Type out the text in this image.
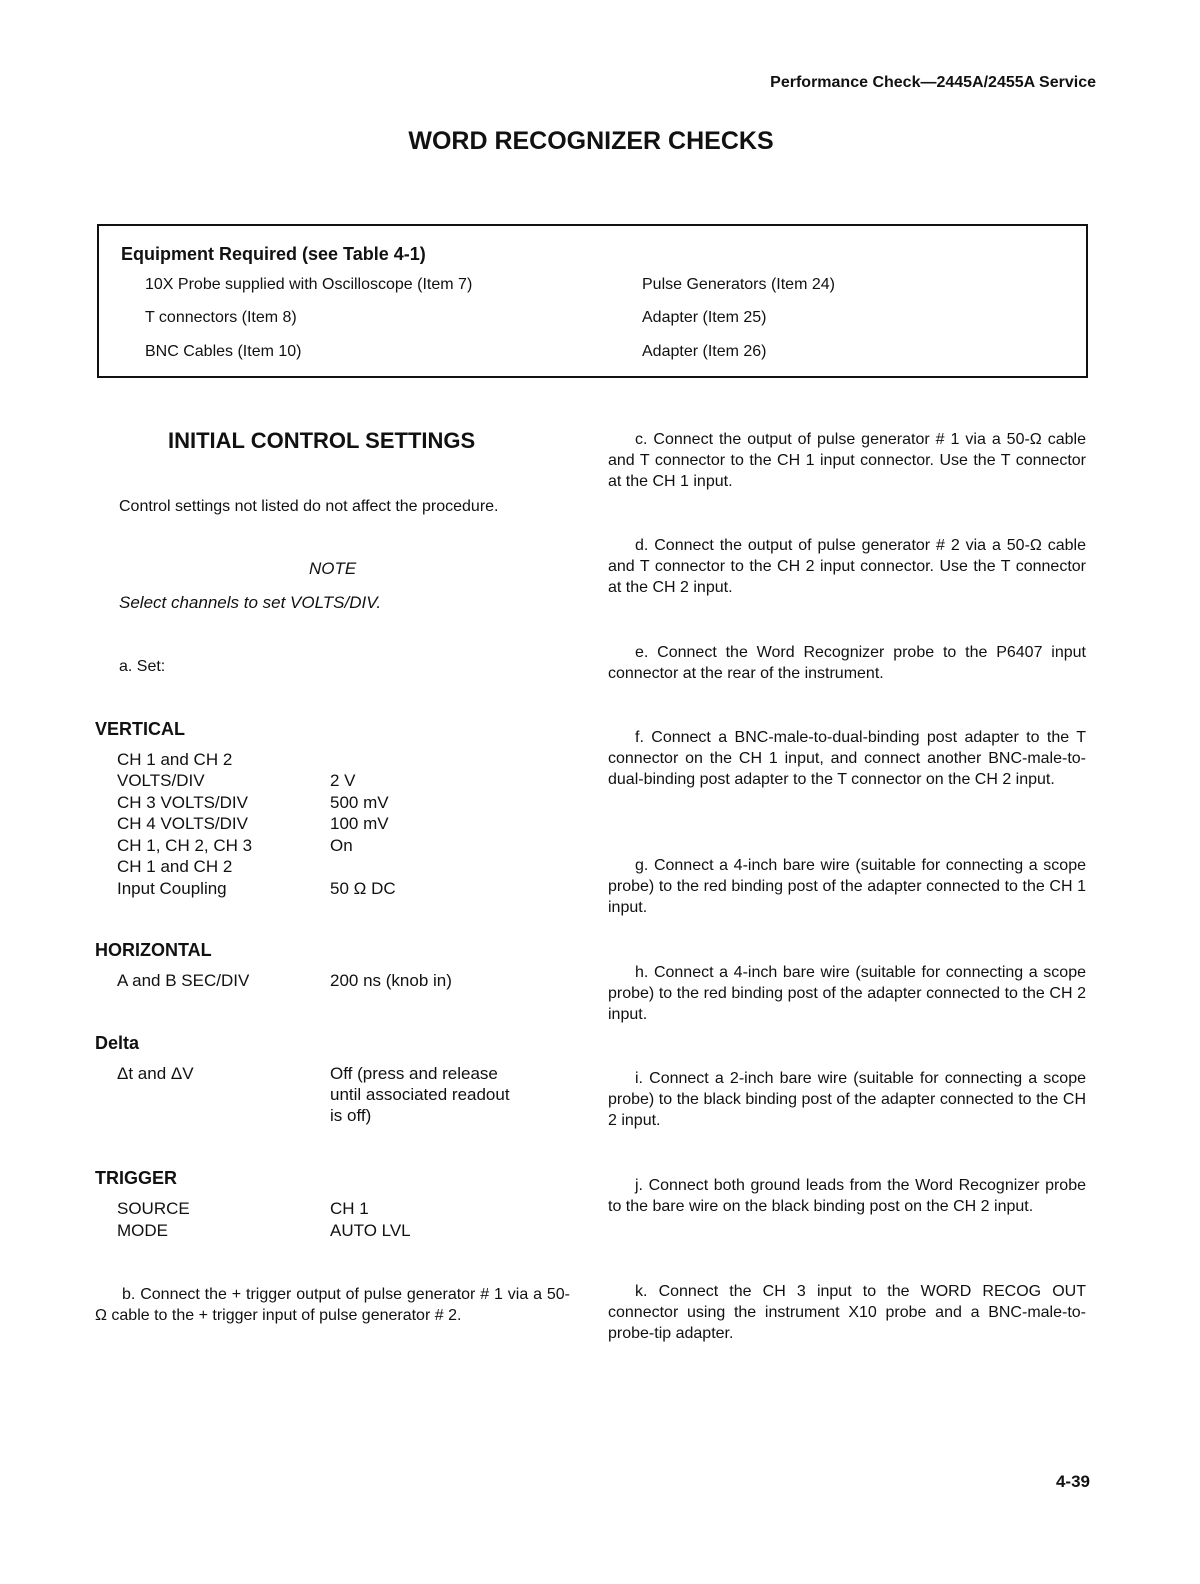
Performance Check—2445A/2455A Service
WORD RECOGNIZER CHECKS
Equipment Required (see Table 4-1)
10X Probe supplied with Oscilloscope (Item 7)
T connectors (Item 8)
BNC Cables (Item 10)
Pulse Generators (Item 24)
Adapter (Item 25)
Adapter (Item 26)
INITIAL CONTROL SETTINGS
Control settings not listed do not affect the procedure.
NOTE
Select channels to set VOLTS/DIV.
a. Set:
VERTICAL
CH 1 and CH 2
VOLTS/DIV	2 V
CH 3 VOLTS/DIV	500 mV
CH 4 VOLTS/DIV	100 mV
CH 1, CH 2, CH 3	On
CH 1 and CH 2
Input Coupling	50 Ω DC
HORIZONTAL
A and B SEC/DIV	200 ns (knob in)
Delta
Δt and ΔV	Off (press and release
until associated readout
is off)
TRIGGER
SOURCE	CH 1
MODE	AUTO LVL
b. Connect the + trigger output of pulse generator # 1 via a 50-Ω cable to the + trigger input of pulse generator # 2.
c. Connect the output of pulse generator # 1 via a 50-Ω cable and T connector to the CH 1 input connector. Use the T connector at the CH 1 input.
d. Connect the output of pulse generator # 2 via a 50-Ω cable and T connector to the CH 2 input connector. Use the T connector at the CH 2 input.
e. Connect the Word Recognizer probe to the P6407 input connector at the rear of the instrument.
f. Connect a BNC-male-to-dual-binding post adapter to the T connector on the CH 1 input, and connect another BNC-male-to-dual-binding post adapter to the T connector on the CH 2 input.
g. Connect a 4-inch bare wire (suitable for connecting a scope probe) to the red binding post of the adapter connected to the CH 1 input.
h. Connect a 4-inch bare wire (suitable for connecting a scope probe) to the red binding post of the adapter connected to the CH 2 input.
i. Connect a 2-inch bare wire (suitable for connecting a scope probe) to the black binding post of the adapter connected to the CH 2 input.
j. Connect both ground leads from the Word Recognizer probe to the bare wire on the black binding post on the CH 2 input.
k. Connect the CH 3 input to the WORD RECOG OUT connector using the instrument X10 probe and a BNC-male-to-probe-tip adapter.
4-39
